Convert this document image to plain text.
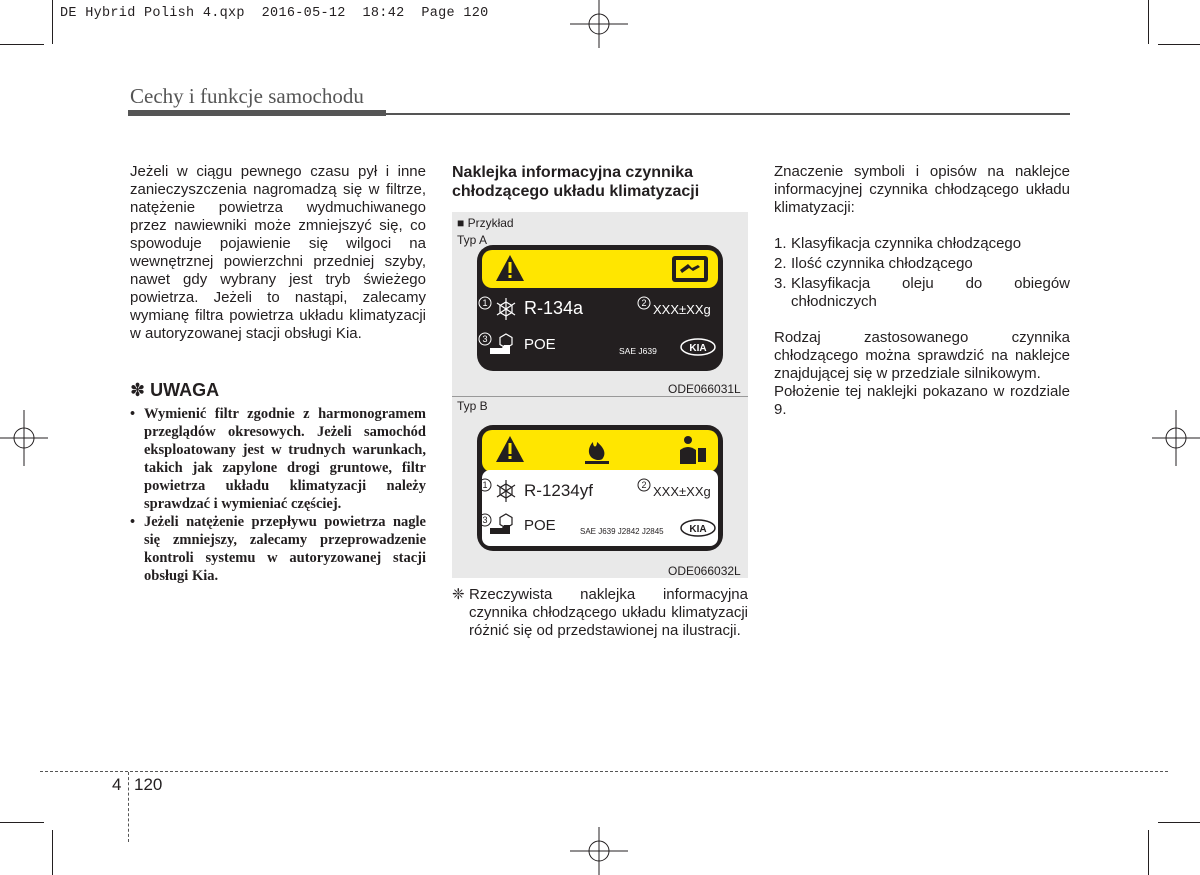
DE Hybrid Polish 4.qxp 2016-05-12 18:42 Page 120
Cechy i funkcje samochodu

Jeżeli w ciągu pewnego czasu pył i inne zanieczyszczenia nagromadzą się w filtrze, natężenie powietrza wydmuchiwanego przez nawiewniki może zmniejszyć się, co spowoduje pojawienie się wilgoci na wewnętrznej powierzchni przedniej szyby, nawet gdy wybrany jest tryb świeżego powietrza. Jeżeli to nastąpi, zalecamy wymianę filtra powietrza układu klimatyzacji w autoryzowanej stacji obsługi Kia.

✽ UWAGA

• Wymienić filtr zgodnie z harmonogramem przeglądów okresowych. Jeżeli samochód eksploatowany jest w trudnych warunkach, takich jak zapylone drogi gruntowe, filtr powietrza układu klimatyzacji należy sprawdzać i wymieniać częściej.

• Jeżeli natężenie przepływu powietrza nagle się zmniejszy, zalecamy przeprowadzenie kontroli systemu w autoryzowanej stacji obsługi Kia.

Naklejka informacyjna czynnika chłodzącego układu klimatyzacji
■ Przykład
Typ A
ODE066031L
Typ B
ODE066032L
1	2
3
R-134a	XXX±XXg
POE	SAE J639	KIA
1	2
3
R-1234yf	XXX±XXg
POE	SAE J639 J2842 J2845	KIA
❈ Rzeczywista naklejka informacyjna czynnika chłodzącego układu klimatyzacji różnić się od przedstawionej na ilustracji.

Znaczenie symboli i opisów na naklejce informacyjnej czynnika chłodzącego układu klimatyzacji:

1. Klasyfikacja czynnika chłodzącego
2. Ilość czynnika chłodzącego
3. Klasyfikacja oleju do obiegów chłodniczych

Rodzaj zastosowanego czynnika chłodzącego można sprawdzić na naklejce znajdującej się w przedziale silnikowym.

Położenie tej naklejki pokazano w rozdziale 9.

4 120
